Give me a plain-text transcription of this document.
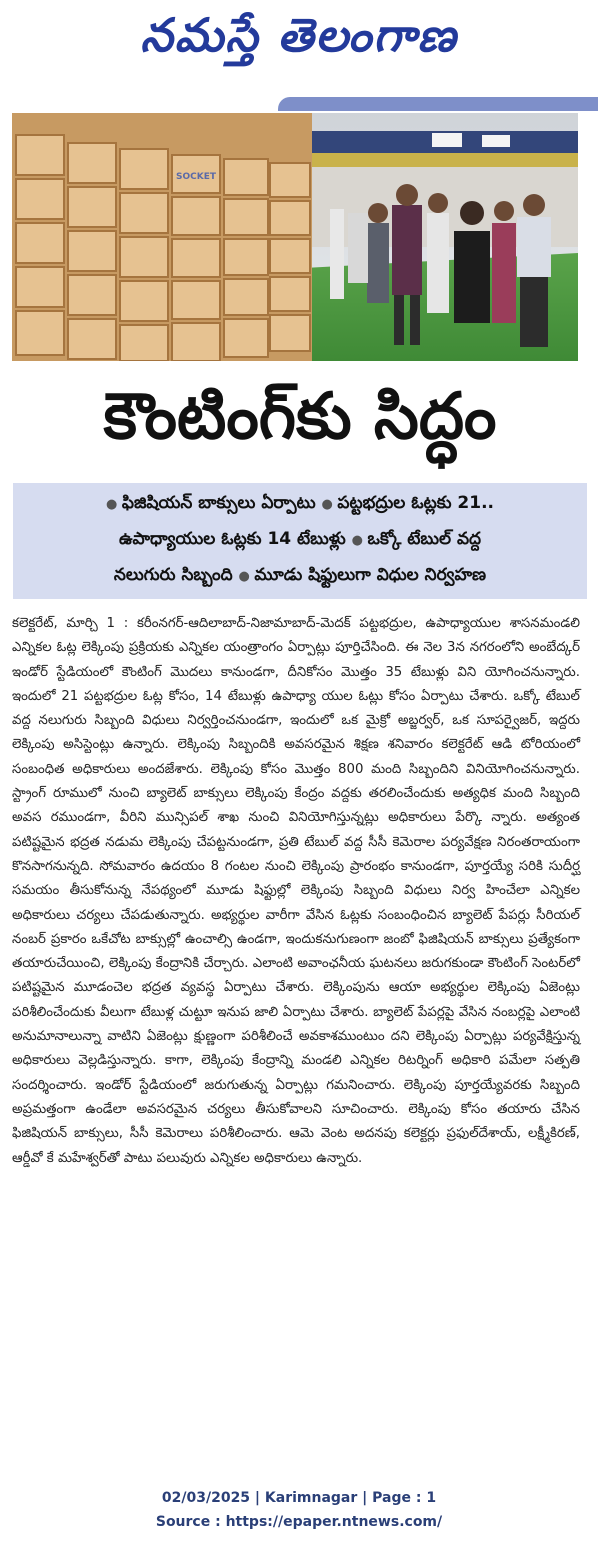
నమస్తే తెలంగాణ
SOCKET
కౌంటింగ్‌కు సిద్ధం
● ఫిజిషియన్ బాక్సులు ఏర్పాటు ● పట్టభద్రుల ఓట్లకు 21..
ఉపాధ్యాయుల ఓట్లకు 14 టేబుళ్లు ● ఒక్కో టేబుల్ వద్ద
నలుగురు సిబ్బంది ● మూడు షిఫ్టులుగా విధుల నిర్వహణ
కలెక్టరేట్, మార్చి 1 : కరీంనగర్-ఆదిలాబాద్-నిజామాబాద్-మెదక్ పట్టభద్రుల, ఉపాధ్యాయుల శాసనమండలి ఎన్నికల ఓట్ల లెక్కింపు ప్రక్రియకు ఎన్నికల యంత్రాంగం ఏర్పాట్లు పూర్తిచేసింది. ఈ నెల 3న నగరంలోని అంబేద్కర్ ఇండోర్ స్టేడియంలో కౌంటింగ్ మొదలు కానుండగా, దీనికోసం మొత్తం 35 టేబుళ్లు విని యోగించనున్నారు. ఇందులో 21 పట్టభద్రుల ఓట్ల కోసం, 14 టేబుళ్లు ఉపాధ్యా యుల ఓట్లు కోసం ఏర్పాటు చేశారు. ఒక్కో టేబుల్ వద్ద నలుగురు సిబ్బంది విధులు నిర్వర్తించనుండగా, ఇందులో ఒక మైక్రో అబ్జర్వర్, ఒక సూపర్వైజర్, ఇద్దరు లెక్కింపు అసిస్టెంట్లు ఉన్నారు. లెక్కింపు సిబ్బందికి అవసరమైన శిక్షణ శనివారం కలెక్టరేట్ ఆడి టోరియంలో సంబంధిత అధికారులు అందజేశారు. లెక్కింపు కోసం మొత్తం 800 మంది సిబ్బందిని వినియోగించనున్నారు. స్ట్రాంగ్ రూములో నుంచి బ్యాలెట్ బాక్సులు లెక్కింపు కేంద్రం వద్దకు తరలించేందుకు అత్యధిక మంది సిబ్బంది అవస రముండగా, వీరిని మున్సిపల్ శాఖ నుంచి వినియోగిస్తున్నట్లు అధికారులు పేర్కొ న్నారు. అత్యంత పటిష్టమైన భద్రత నడుమ లెక్కింపు చేపట్టనుండగా, ప్రతి టేబుల్ వద్ద సీసీ కెమెరాల పర్యవేక్షణ నిరంతరాయంగా కొనసాగనున్నది. సోమవారం ఉదయం 8 గంటల నుంచి లెక్కింపు ప్రారంభం కానుండగా, పూర్తయ్యే సరికి సుదీర్ఘ సమయం తీసుకోనున్న నేపథ్యంలో మూడు షిఫ్టుల్లో లెక్కింపు సిబ్బంది విధులు నిర్వ హించేలా ఎన్నికల అధికారులు చర్యలు చేపడుతున్నారు. అభ్యర్థుల వారీగా వేసిన ఓట్లకు సంబంధించిన బ్యాలెట్ పేపర్లు సీరియల్ నంబర్ ప్రకారం ఒకేచోట బాక్సుల్లో ఉంచాల్సి ఉండగా, ఇందుకనుగుణంగా జంబో ఫిజిషియన్ బాక్సులు ప్రత్యేకంగా తయారుచేయించి, లెక్కింపు కేంద్రానికి చేర్చారు. ఎలాంటి అవాంఛనీయ ఘటనలు జరుగకుండా కౌంటింగ్ సెంటర్‌లో పటిష్టమైన మూడంచెల భద్రత వ్యవస్థ ఏర్పాటు చేశారు. లెక్కింపును ఆయా అభ్యర్థుల లెక్కింపు ఏజెంట్లు పరిశీలించేందుకు వీలుగా టేబుళ్ల చుట్టూ ఇనుప జాలి ఏర్పాటు చేశారు. బ్యాలెట్ పేపర్లపై వేసిన నంబర్లపై ఎలాంటి అనుమానాలున్నా వాటిని ఏజెంట్లు క్షుణ్ణంగా పరిశీలించే అవకాశముంటుం దని లెక్కింపు ఏర్పాట్లు పర్యవేక్షిస్తున్న అధికారులు వెల్లడిస్తున్నారు. కాగా, లెక్కింపు కేంద్రాన్ని మండలి ఎన్నికల రిటర్నింగ్ అధికారి పమేలా సత్పతి సందర్శించారు. ఇండోర్ స్టేడియంలో జరుగుతున్న ఏర్పాట్లు గమనించారు. లెక్కింపు పూర్తయ్యేవరకు సిబ్బంది అప్రమత్తంగా ఉండేలా అవసరమైన చర్యలు తీసుకోవాలని సూచించారు. లెక్కింపు కోసం తయారు చేసిన ఫిజిషియన్ బాక్సులు, సీసీ కెమెరాలు పరిశీలించారు. ఆమె వెంట అదనపు కలెక్టర్లు ప్రఫుల్‌దేశాయ్, లక్ష్మీకిరణ్, ఆర్డీవో కే మహేశ్వర్‌తో పాటు పలువురు ఎన్నికల అధికారులు ఉన్నారు.
02/03/2025 | Karimnagar | Page : 1
Source : https://epaper.ntnews.com/
